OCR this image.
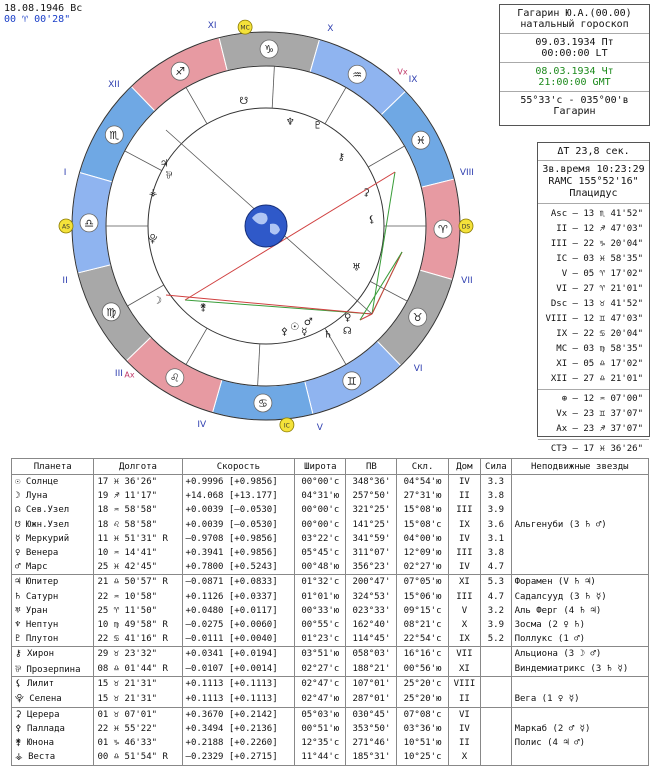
18.08.1946 Вс
00 ♈ 00'28"
♏
♐
♑
♒
♓
♈
♉
♊
♋
♌
♍
♎
I
II
III
IV	V
VI
VII
VIII
IX
X
XI
XII
MC
AS	DS
IC
Vx
Ax
☉
☽
☊
☋
☿
♀
♂
♃
♄
♅
♆ ♇
⚷
⅌
⚸
⯓
⚳
⚴
⚵
⚶
Гагарин Ю.А.(00.00)
натальный гороскоп
09.03.1934 Пт
00:00:00 LT
08.03.1934 Чт
21:00:00 GMT
55°33'с - 035°00'в
Гагарин
ΔT 23,8 сек.
Зв.время 10:23:29
RAMC 155°52'16"
Плацидус
Asc – 13 ♏ 41'52"
II – 12 ♐ 47'03"
III – 22 ♑ 20'04"
IC – 03 ♓ 58'35"
V – 05 ♈ 17'02"
VI – 27 ♈ 21'01"
Dsc – 13 ♉ 41'52"
VIII – 12 ♊ 47'03"
IX – 22 ♋ 20'04"
MC – 03 ♍ 58'35"
XI – 05 ♎ 17'02"
XII – 27 ♎ 21'01"
⊕ – 12 ♒ 07'00"
Vx – 23 ♊ 37'07"
Ax – 23 ♐ 37'07"
СТЭ – 17 ♓ 36'26"
Планета	Долгота	Скорость	Широта	ПВ	Скл.	Дом	Сила	Неподвижные звезды
☉ Солнце	17 ♓ 36'26"	+0.9996 [+0.9856]	00°00'с	348°36'	04°54'ю	IV	3.3	
☽ Луна	19 ♐ 11'17"	+14.068 [+13.177]	04°31'ю	257°50'	27°31'ю	II	3.8	
☊ Сев.Узел	18 ♒ 58'58"	+0.0039 [–0.0530]	00°00'с	321°25'	15°08'ю	III	3.9	
☋ Южн.Узел	18 ♌ 58'58"	+0.0039 [–0.0530]	00°00'с	141°25'	15°08'с	IX	3.6	Альгенуби (3 ♄ ♂)
☿ Меркурий	11 ♓ 51'31" R	–0.9708 [+0.9856]	03°22'с	341°59'	04°00'ю	IV	3.1	
♀ Венера	10 ♒ 14'41"	+0.3941 [+0.9856]	05°45'с	311°07'	12°09'ю	III	3.8	
♂ Марс	25 ♓ 42'45"	+0.7800 [+0.5243]	00°48'ю	356°23'	02°27'ю	IV	4.7	
♃ Юпитер	21 ♎ 50'57" R	–0.0871 [+0.0833]	01°32'с	200°47'	07°05'ю	XI	5.3	Форамен (V ♄ ♃)
♄ Сатурн	22 ♒ 10'58"	+0.1126 [+0.0337]	01°01'ю	324°53'	15°06'ю	III	4.7	Садалсууд (3 ♄ ☿)
♅ Уран	25 ♈ 11'50"	+0.0480 [+0.0117]	00°33'ю	023°33'	09°15'с	V	3.2	Аль Ферг (4 ♄ ♃)
♆ Нептун	10 ♍ 49'58" R	–0.0275 [+0.0060]	00°55'с	162°40'	08°21'с	X	3.9	Зосма (2 ♀ ♄)
♇ Плутон	22 ♋ 41'16" R	–0.0111 [+0.0040]	01°23'с	114°45'	22°54'с	IX	5.2	Поллукс (1 ♂)
⚷ Хирон	29 ♉ 23'32"	+0.0341 [+0.0194]	03°51'ю	058°03'	16°16'с	VII		Альциона (3 ☽ ♂)
⅌ Прозерпина	08 ♎ 01'44" R	–0.0107 [+0.0014]	02°27'с	188°21'	00°56'ю	XI		Виндемиатрикс (3 ♄ ☿)
⚸ Лилит	15 ♉ 21'31"	+0.1113 [+0.1113]	02°47'с	107°01'	25°20'с	VIII		
⯓ Селена	15 ♉ 21'31"	+0.1113 [+0.1113]	02°47'ю	287°01'	25°20'ю	II		Вега (1 ♀ ☿)
⚳ Церера	01 ♉ 07'01"	+0.3670 [+0.2142]	05°03'ю	030°45'	07°08'с	VI		
⚴ Паллада	22 ♓ 55'22"	+0.3494 [+0.2136]	00°51'ю	353°50'	03°36'ю	IV		Маркаб (2 ♂ ☿)
⚵ Юнона	01 ♑ 46'33"	+0.2188 [+0.2260]	12°35'с	271°46'	10°51'ю	II		Полис (4 ♃ ♂)
⚶ Веста	00 ♎ 51'54" R	–0.2329 [+0.2715]	11°44'с	185°31'	10°25'с	X		
